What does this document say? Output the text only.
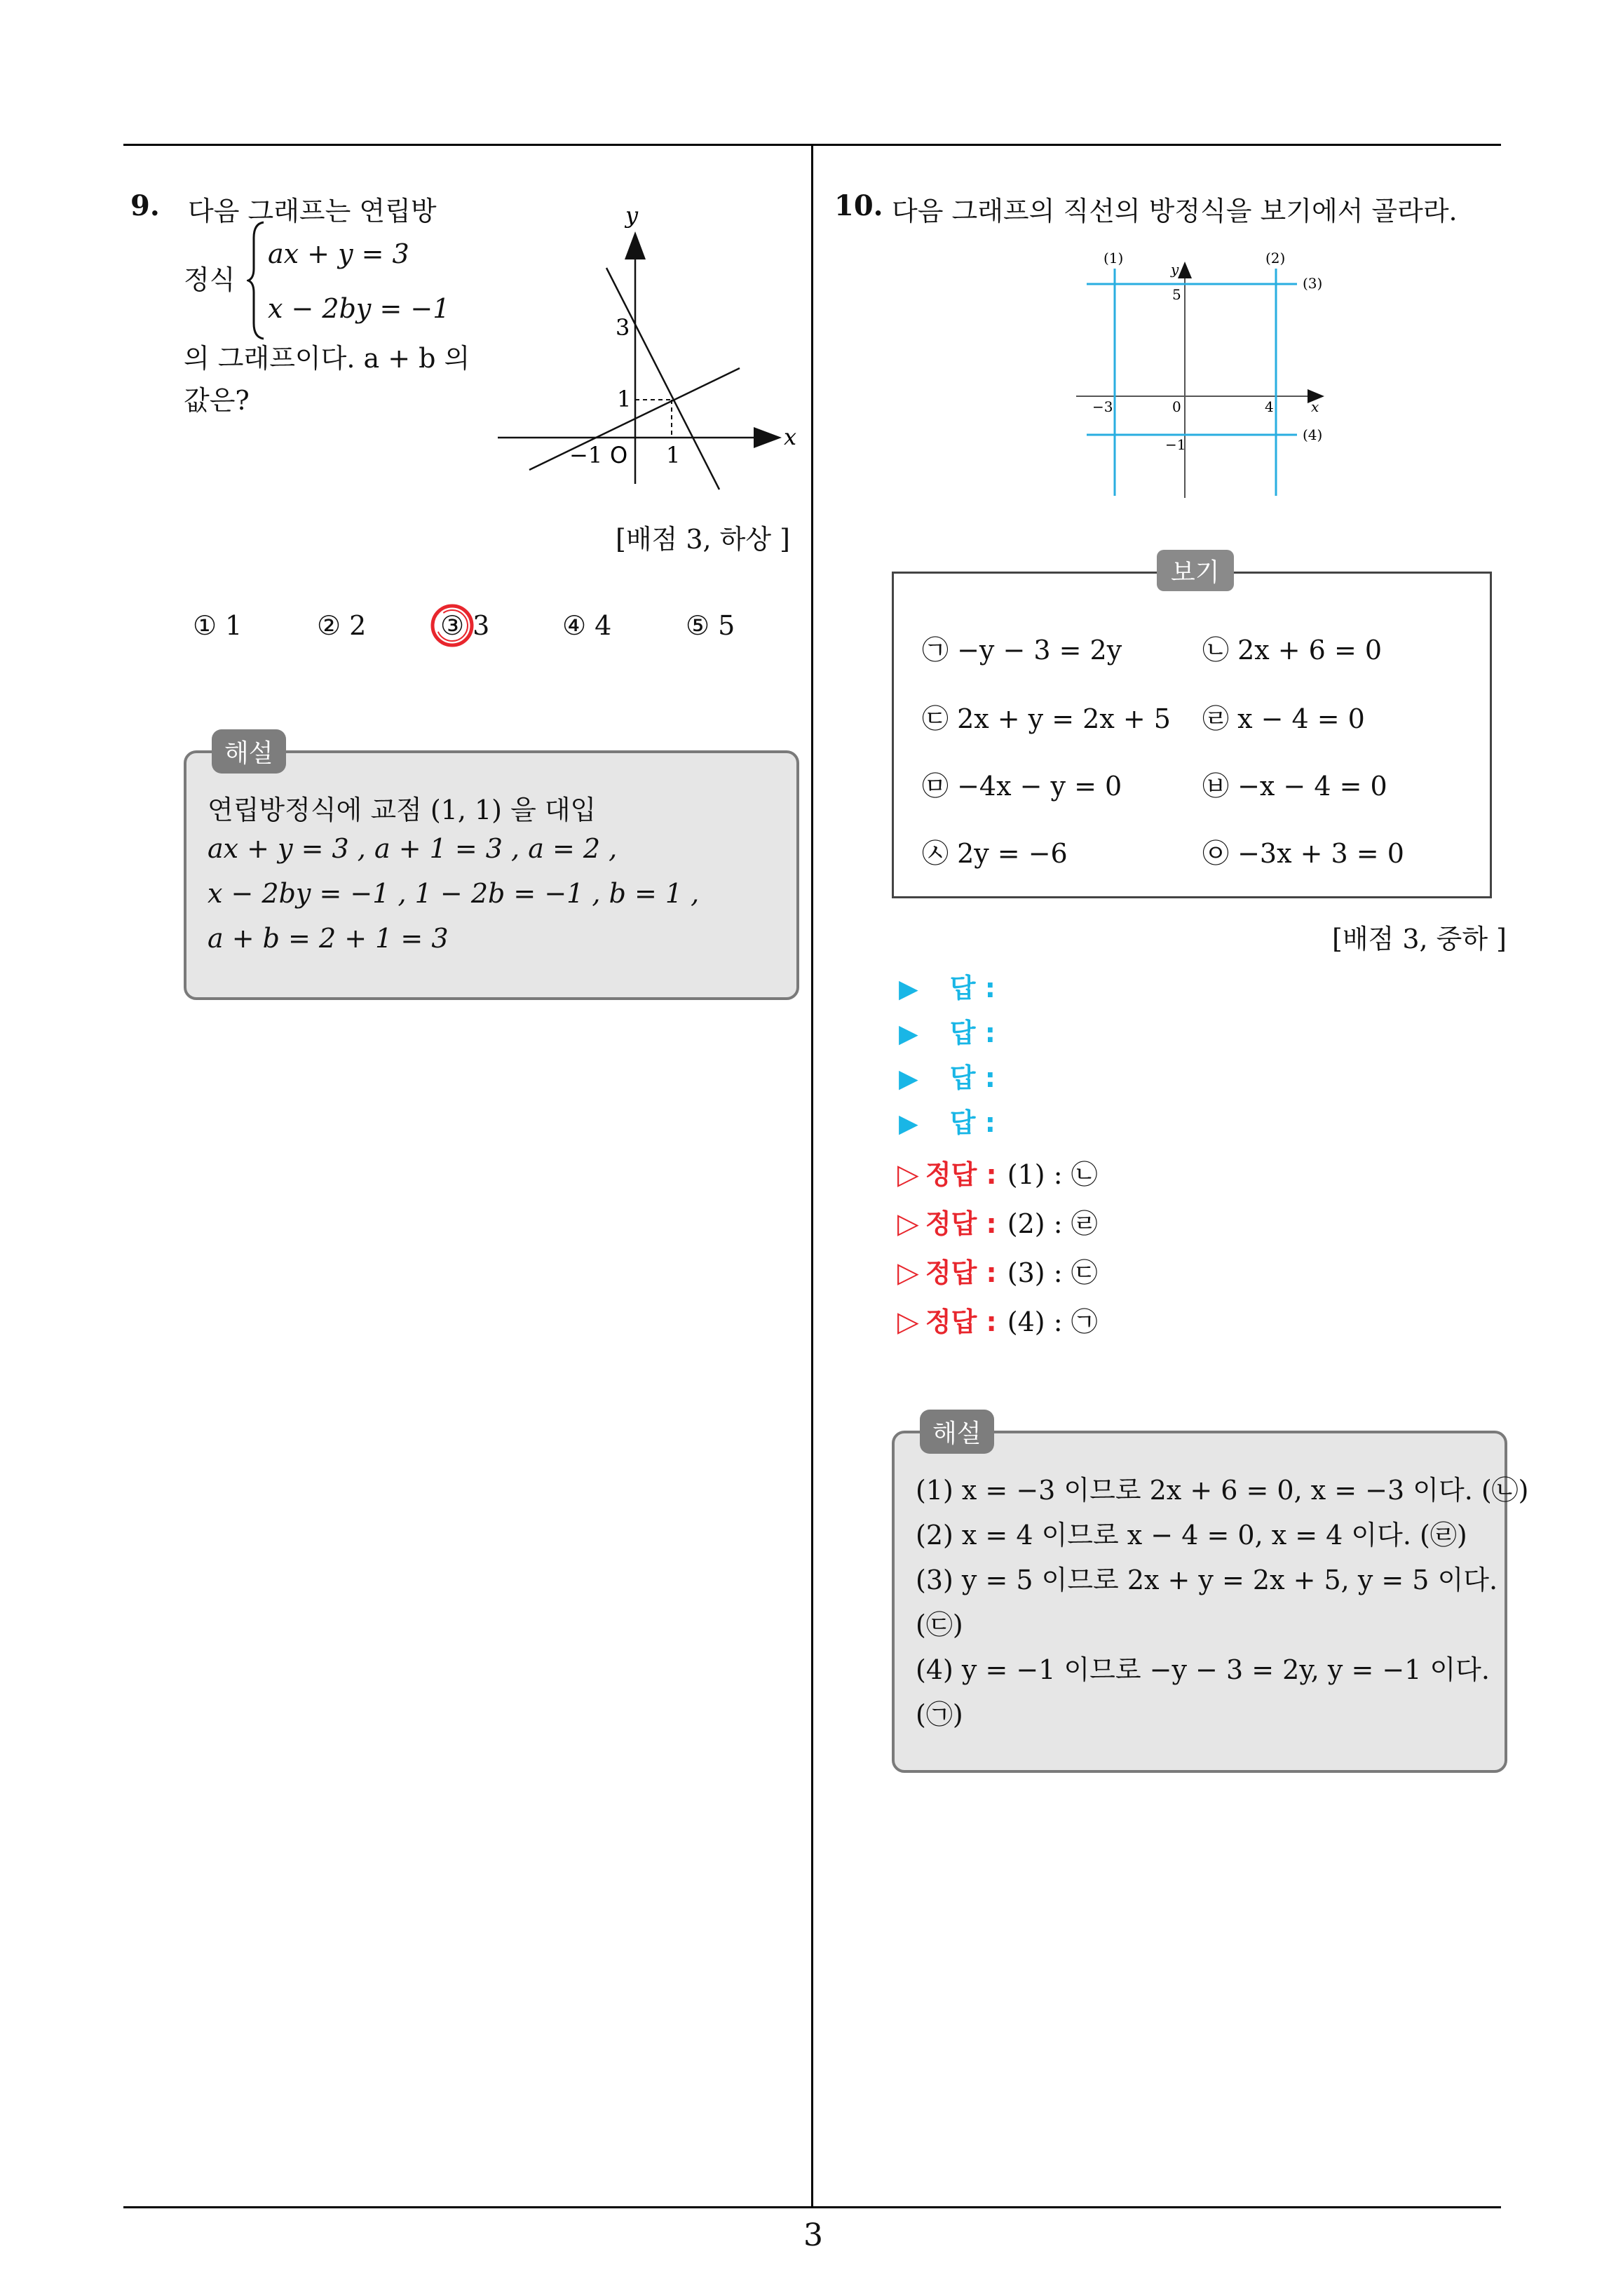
9. 다음 그래프는 연립방
정식
ax + y = 3
x − 2by = −1
의 그래프이다. a + b 의
값은?
y
x
3
1
−1 O 1
[배점 3, 하상 ]
① 1	② 2	③ 3	④ 4	⑤ 5
연립방정식에 교점 (1, 1) 을 대입
ax + y = 3 , a + 1 = 3 , a = 2 ,
x − 2by = −1 , 1 − 2b = −1 , b = 1 ,
a + b = 2 + 1 = 3
해설
10. 다음 그래프의 직선의 방정식을 보기에서 골라라.
(1)	(2)
(3)
(4)
y
x
5
−3	0	4
−1
㉠ −y − 3 = 2y	㉡ 2x + 6 = 0
㉢ 2x + y = 2x + 5 ㉣ x − 4 = 0
㉤ −4x − y = 0	㉥ −x − 4 = 0
㉦ 2y = −6	㉧ −3x + 3 = 0
보기
[배점 3, 중하 ]
▶ 답 :
▶ 답 :
▶ 답 :
▶ 답 :
▷ 정답 : (1) : ㉡
▷ 정답 : (2) : ㉣
▷ 정답 : (3) : ㉢
▷ 정답 : (4) : ㉠
(1) x = −3 이므로 2x + 6 = 0, x = −3 이다. (㉡)
(2) x = 4 이므로 x − 4 = 0, x = 4 이다. (㉣)
(3) y = 5 이므로 2x + y = 2x + 5, y = 5 이다.
(㉢)
(4) y = −1 이므로 −y − 3 = 2y, y = −1 이다.
(㉠)
해설
3
